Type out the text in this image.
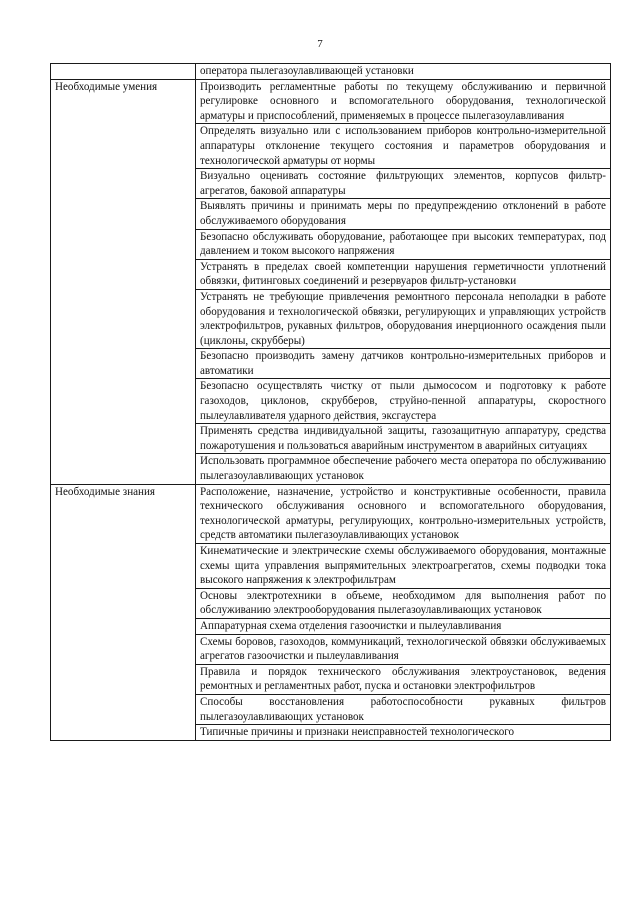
7
	оператора пылегазоулавливающей установки
Необходимые умения	Производить регламентные работы по текущему обслуживанию и первичной регулировке основного и вспомогательного оборудования, технологической арматуры и приспособлений, применяемых в процессе пылегазоулавливания
	Определять визуально или с использованием приборов контрольно-измерительной аппаратуры отклонение текущего состояния и параметров оборудования и технологической арматуры от нормы
	Визуально оценивать состояние фильтрующих элементов, корпусов фильтр-агрегатов, баковой аппаратуры
	Выявлять причины и принимать меры по предупреждению отклонений в работе обслуживаемого оборудования
	Безопасно обслуживать оборудование, работающее при высоких температурах, под давлением и током высокого напряжения
	Устранять в пределах своей компетенции нарушения герметичности уплотнений обвязки, фитинговых соединений и резервуаров фильтр-установки
	Устранять не требующие привлечения ремонтного персонала неполадки в работе оборудования и технологической обвязки, регулирующих и управляющих устройств электрофильтров, рукавных фильтров, оборудования инерционного осаждения пыли (циклоны, скрубберы)
	Безопасно производить замену датчиков контрольно-измерительных приборов и автоматики
	Безопасно осуществлять чистку от пыли дымососом и подготовку к работе газоходов, циклонов, скрубберов, струйно-пенной аппаратуры, скоростного пылеулавливателя ударного действия, эксгаустера
	Применять средства индивидуальной защиты, газозащитную аппаратуру, средства пожаротушения и пользоваться аварийным инструментом в аварийных ситуациях
	Использовать программное обеспечение рабочего места оператора по обслуживанию пылегазоулавливающих установок
Необходимые знания	Расположение, назначение, устройство и конструктивные особенности, правила технического обслуживания основного и вспомогательного оборудования, технологической арматуры, регулирующих, контрольно-измерительных устройств, средств автоматики пылегазоулавливающих установок
	Кинематические и электрические схемы обслуживаемого оборудования, монтажные схемы щита управления выпрямительных электроагрегатов, схемы подводки тока высокого напряжения к электрофильтрам
	Основы электротехники в объеме, необходимом для выполнения работ по обслуживанию электрооборудования пылегазоулавливающих установок
	Аппаратурная схема отделения газоочистки и пылеулавливания
	Схемы боровов, газоходов, коммуникаций, технологической обвязки обслуживаемых агрегатов газоочистки и пылеулавливания
	Правила и порядок технического обслуживания электроустановок, ведения ремонтных и регламентных работ, пуска и остановки электрофильтров
	Способы восстановления работоспособности рукавных фильтров пылегазоулавливающих установок
	Типичные причины и признаки неисправностей технологического
